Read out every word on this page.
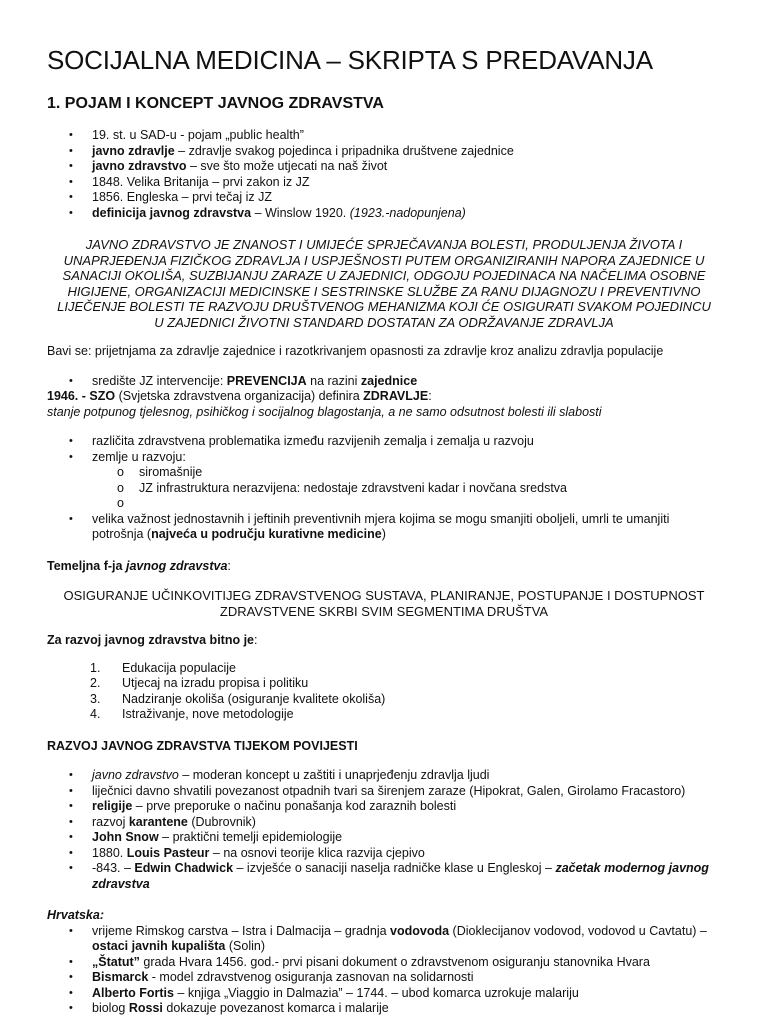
SOCIJALNA MEDICINA – SKRIPTA S PREDAVANJA
1. POJAM I KONCEPT JAVNOG ZDRAVSTVA
• 19. st. u SAD-u - pojam „public health”
• javno zdravlje – zdravlje svakog pojedinca i pripadnika društvene zajednice
• javno zdravstvo – sve što može utjecati na naš život
• 1848. Velika Britanija – prvi zakon iz JZ
• 1856. Engleska – prvi tečaj iz JZ
• definicija javnog zdravstva – Winslow 1920. (1923.-nadopunjena)
JAVNO ZDRAVSTVO JE ZNANOST I UMIJEĆE SPRJEČAVANJA BOLESTI, PRODULJENJA ŽIVOTA I UNAPRJEĐENJA FIZIČKOG ZDRAVLJA I USPJEŠNOSTI PUTEM ORGANIZIRANIH NAPORA ZAJEDNICE U SANACIJI OKOLIŠA, SUZBIJANJU ZARAZE U ZAJEDNICI, ODGOJU POJEDINACA NA NAČELIMA OSOBNE HIGIJENE, ORGANIZACIJI MEDICINSKE I SESTRINSKE SLUŽBE ZA RANU DIJAGNOZU I PREVENTIVNO LIJEČENJE BOLESTI TE RAZVOJU DRUŠTVENOG MEHANIZMA KOJI ĆE OSIGURATI SVAKOM POJEDINCU U ZAJEDNICI ŽIVOTNI STANDARD DOSTATAN ZA ODRŽAVANJE ZDRAVLJA
Bavi se: prijetnjama za zdravlje zajednice i razotkrivanjem opasnosti za zdravlje kroz analizu zdravlja populacije
• središte JZ intervencije: PREVENCIJA na razini zajednice
1946. - SZO (Svjetska zdravstvena organizacija) definira ZDRAVLJE:
stanje potpunog tjelesnog, psihičkog i socijalnog blagostanja, a ne samo odsutnost bolesti ili slabosti
• različita zdravstvena problematika između razvijenih zemalja i zemalja u razvoju
• zemlje u razvoju:
o siromašnije
o JZ infrastruktura nerazvijena: nedostaje zdravstveni kadar i novčana sredstva
o

• velika važnost jednostavnih i jeftinih preventivnih mjera kojima se mogu smanjiti oboljeli, umrli te umanjiti potrošnja (najveća u području kurativne medicine)
Temeljna f-ja javnog zdravstva:
OSIGURANJE UČINKOVITIJEG ZDRAVSTVENOG SUSTAVA, PLANIRANJE, POSTUPANJE I DOSTUPNOST ZDRAVSTVENE SKRBI SVIM SEGMENTIMA DRUŠTVA
Za razvoj javnog zdravstva bitno je:
1. Edukacija populacije
2. Utjecaj na izradu propisa i politiku
3. Nadziranje okoliša (osiguranje kvalitete okoliša)
4. Istraživanje, nove metodologije
RAZVOJ JAVNOG ZDRAVSTVA TIJEKOM POVIJESTI
• javno zdravstvo – moderan koncept u zaštiti i unaprjeđenju zdravlja ljudi
• liječnici davno shvatili povezanost otpadnih tvari sa širenjem zaraze (Hipokrat, Galen, Girolamo Fracastoro)
• religije – prve preporuke o načinu ponašanja kod zaraznih bolesti
• razvoj karantene (Dubrovnik)
• John Snow – praktični temelji epidemiologije
• 1880. Louis Pasteur – na osnovi teorije klica razvija cjepivo
• -843. – Edwin Chadwick – izvješće o sanaciji naselja radničke klase u Engleskoj – začetak modernog javnog zdravstva
Hrvatska:
• vrijeme Rimskog carstva – Istra i Dalmacija – gradnja vodovoda (Dioklecijanov vodovod, vodovod u Cavtatu) – ostaci javnih kupališta (Solin)
• „Štatut” grada Hvara 1456. god.- prvi pisani dokument o zdravstvenom osiguranju stanovnika Hvara
• Bismarck - model zdravstvenog osiguranja zasnovan na solidarnosti
• Alberto Fortis – knjiga „Viaggio in Dalmazia” – 1744. – ubod komarca uzrokuje malariju
• biolog Rossi dokazuje povezanost komarca i malarije
